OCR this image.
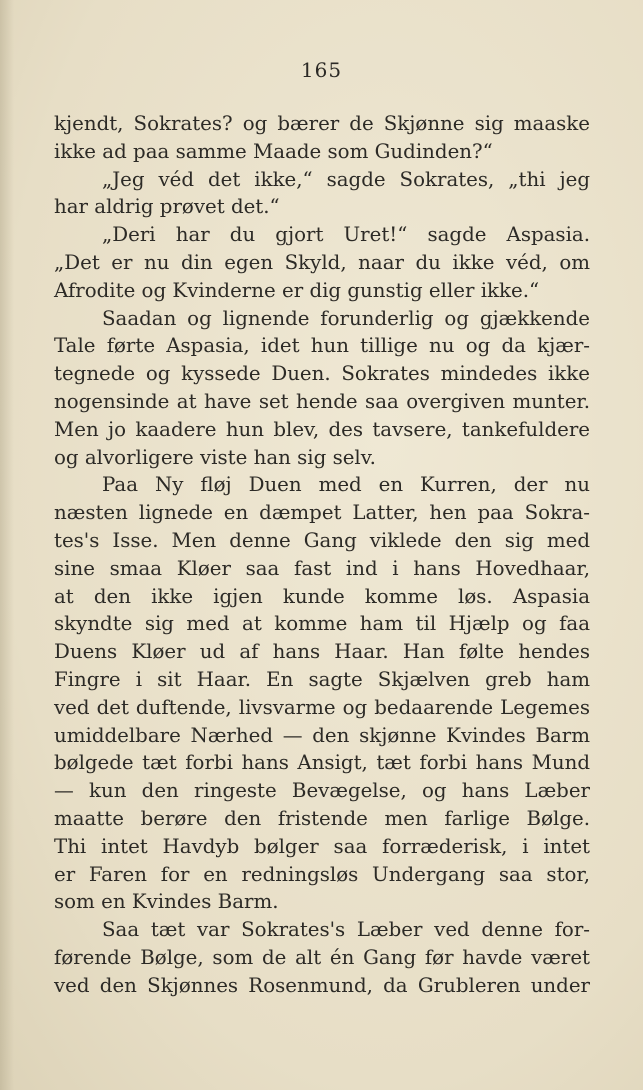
165
kjendt, Sokrates? og bærer de Skjønne sig maaske
ikke ad paa samme Maade som Gudinden?“
„Jeg véd det ikke,“ sagde Sokrates, „thi jeg
har aldrig prøvet det.“
„Deri har du gjort Uret!“ sagde Aspasia.
„Det er nu din egen Skyld, naar du ikke véd, om
Afrodite og Kvinderne er dig gunstig eller ikke.“
Saadan og lignende forunderlig og gjækkende
Tale førte Aspasia, idet hun tillige nu og da kjær-
tegnede og kyssede Duen. Sokrates mindedes ikke
nogensinde at have set hende saa overgiven munter.
Men jo kaadere hun blev, des tavsere, tankefuldere
og alvorligere viste han sig selv.
Paa Ny fløj Duen med en Kurren, der nu
næsten lignede en dæmpet Latter, hen paa Sokra-
tes's Isse. Men denne Gang viklede den sig med
sine smaa Kløer saa fast ind i hans Hovedhaar,
at den ikke igjen kunde komme løs. Aspasia
skyndte sig med at komme ham til Hjælp og faa
Duens Kløer ud af hans Haar. Han følte hendes
Fingre i sit Haar. En sagte Skjælven greb ham
ved det duftende, livsvarme og bedaarende Legemes
umiddelbare Nærhed — den skjønne Kvindes Barm
bølgede tæt forbi hans Ansigt, tæt forbi hans Mund
— kun den ringeste Bevægelse, og hans Læber
maatte berøre den fristende men farlige Bølge.
Thi intet Havdyb bølger saa forræderisk, i intet
er Faren for en redningsløs Undergang saa stor,
som en Kvindes Barm.
Saa tæt var Sokrates's Læber ved denne for-
førende Bølge, som de alt én Gang før havde været
ved den Skjønnes Rosenmund, da Grubleren under
